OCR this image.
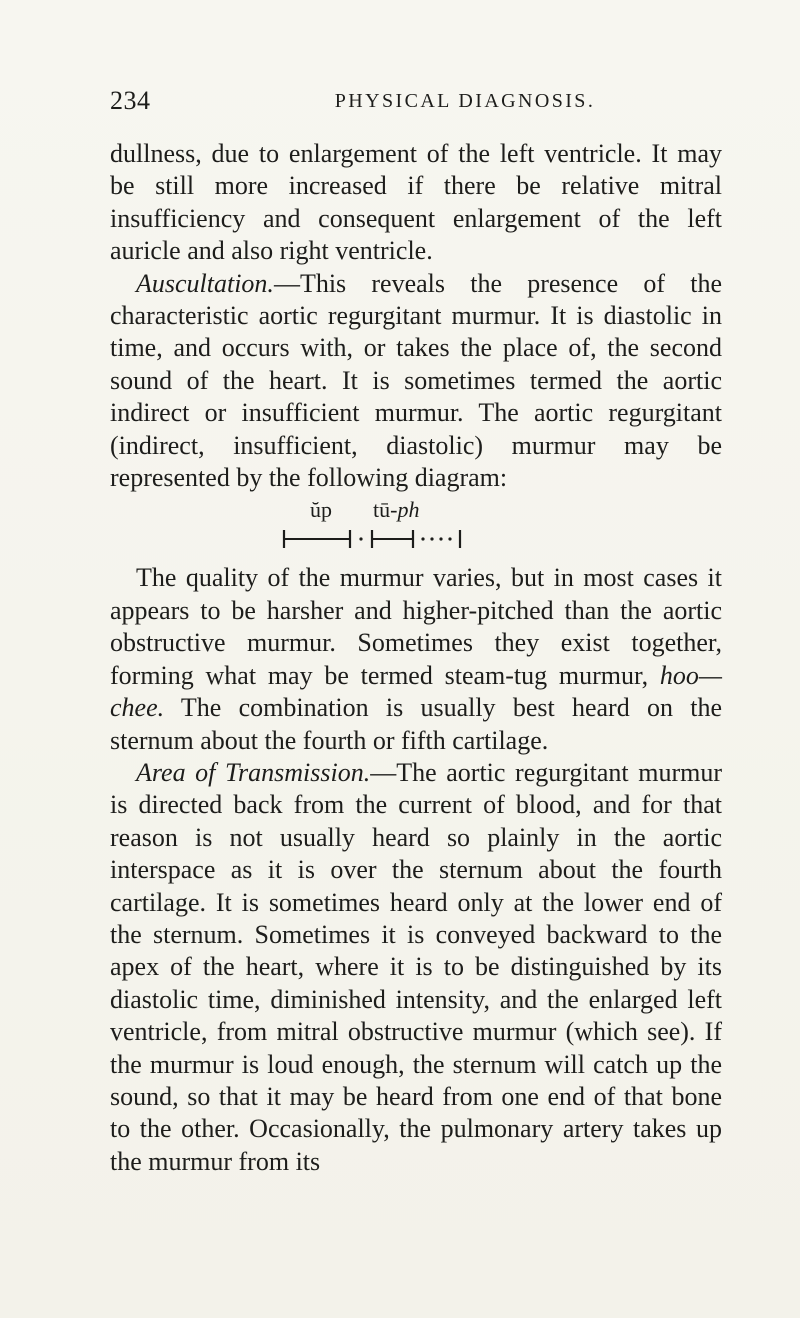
234	PHYSICAL DIAGNOSIS.

dullness, due to enlargement of the left ventricle. It may be still more increased if there be relative mitral insufficiency and consequent enlargement of the left auricle and also right ventricle.

Auscultation.—This reveals the presence of the characteristic aortic regurgitant murmur. It is diastolic in time, and occurs with, or takes the place of, the second sound of the heart. It is sometimes termed the aortic indirect or insufficient murmur. The aortic regurgitant (indirect, insufficient, diastolic) murmur may be represented by the following diagram:

ŭp tū-ph

The quality of the murmur varies, but in most cases it appears to be harsher and higher-pitched than the aortic obstructive murmur. Sometimes they exist together, forming what may be termed steam-tug murmur, hoo—chee. The combination is usually best heard on the sternum about the fourth or fifth cartilage.

Area of Transmission.—The aortic regurgitant murmur is directed back from the current of blood, and for that reason is not usually heard so plainly in the aortic interspace as it is over the sternum about the fourth cartilage. It is sometimes heard only at the lower end of the sternum. Sometimes it is conveyed backward to the apex of the heart, where it is to be distinguished by its diastolic time, diminished intensity, and the enlarged left ventricle, from mitral obstructive murmur (which see). If the murmur is loud enough, the sternum will catch up the sound, so that it may be heard from one end of that bone to the other. Occasionally, the pulmonary artery takes up the murmur from its
